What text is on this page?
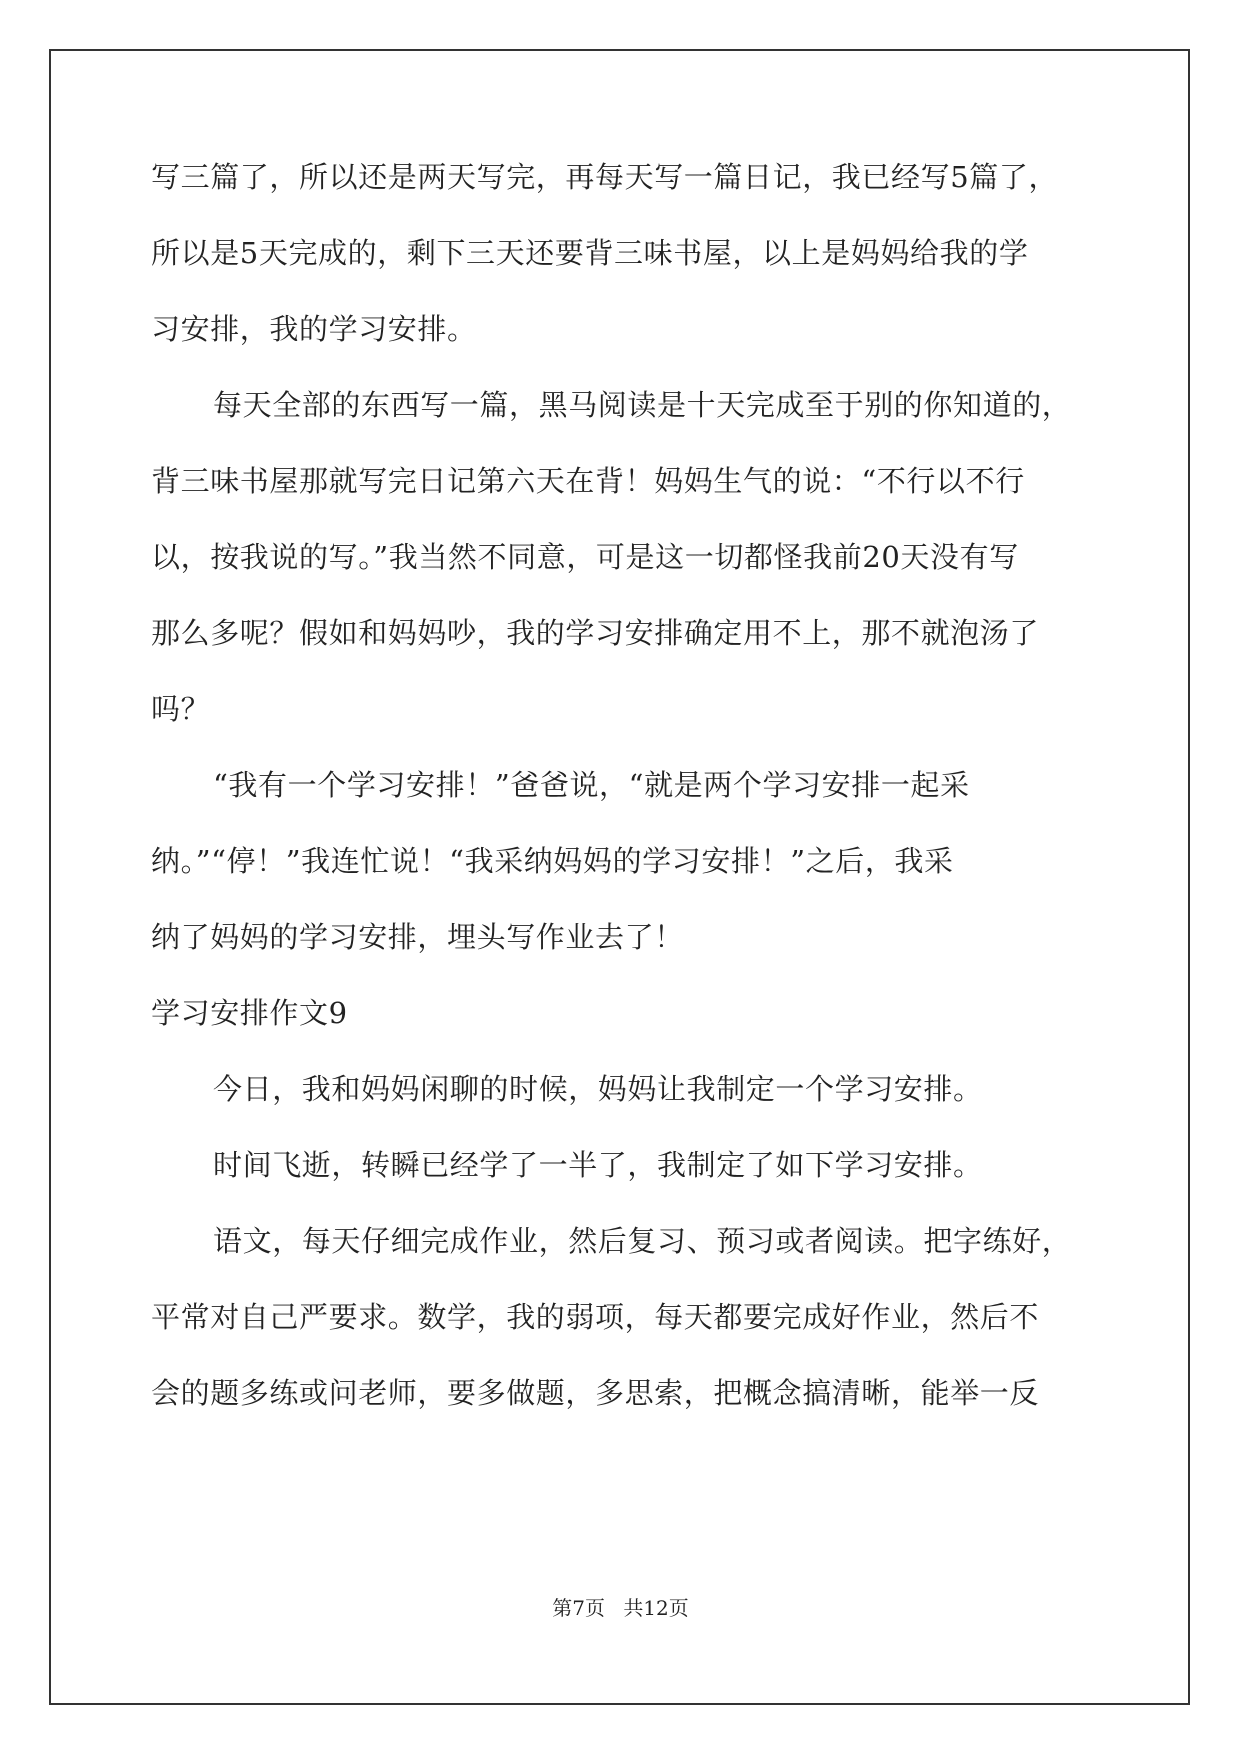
写三篇了，所以还是两天写完，再每天写一篇日记，我已经写5篇了，
所以是5天完成的，剩下三天还要背三味书屋，以上是妈妈给我的学
习安排，我的学习安排。
每天全部的东西写一篇，黑马阅读是十天完成至于别的你知道的，
背三味书屋那就写完日记第六天在背！妈妈生气的说：“不行以不行
以，按我说的写。”我当然不同意，可是这一切都怪我前20天没有写
那么多呢？假如和妈妈吵，我的学习安排确定用不上，那不就泡汤了
吗？
“我有一个学习安排！”爸爸说，“就是两个学习安排一起采
纳。”“停！”我连忙说！“我采纳妈妈的学习安排！”之后，我采
纳了妈妈的学习安排，埋头写作业去了！
学习安排作文9
今日，我和妈妈闲聊的时候，妈妈让我制定一个学习安排。
时间飞逝，转瞬已经学了一半了，我制定了如下学习安排。
语文，每天仔细完成作业，然后复习、预习或者阅读。把字练好，
平常对自己严要求。数学，我的弱项，每天都要完成好作业，然后不
会的题多练或问老师，要多做题，多思索，把概念搞清晰，能举一反
第7页 共12页
